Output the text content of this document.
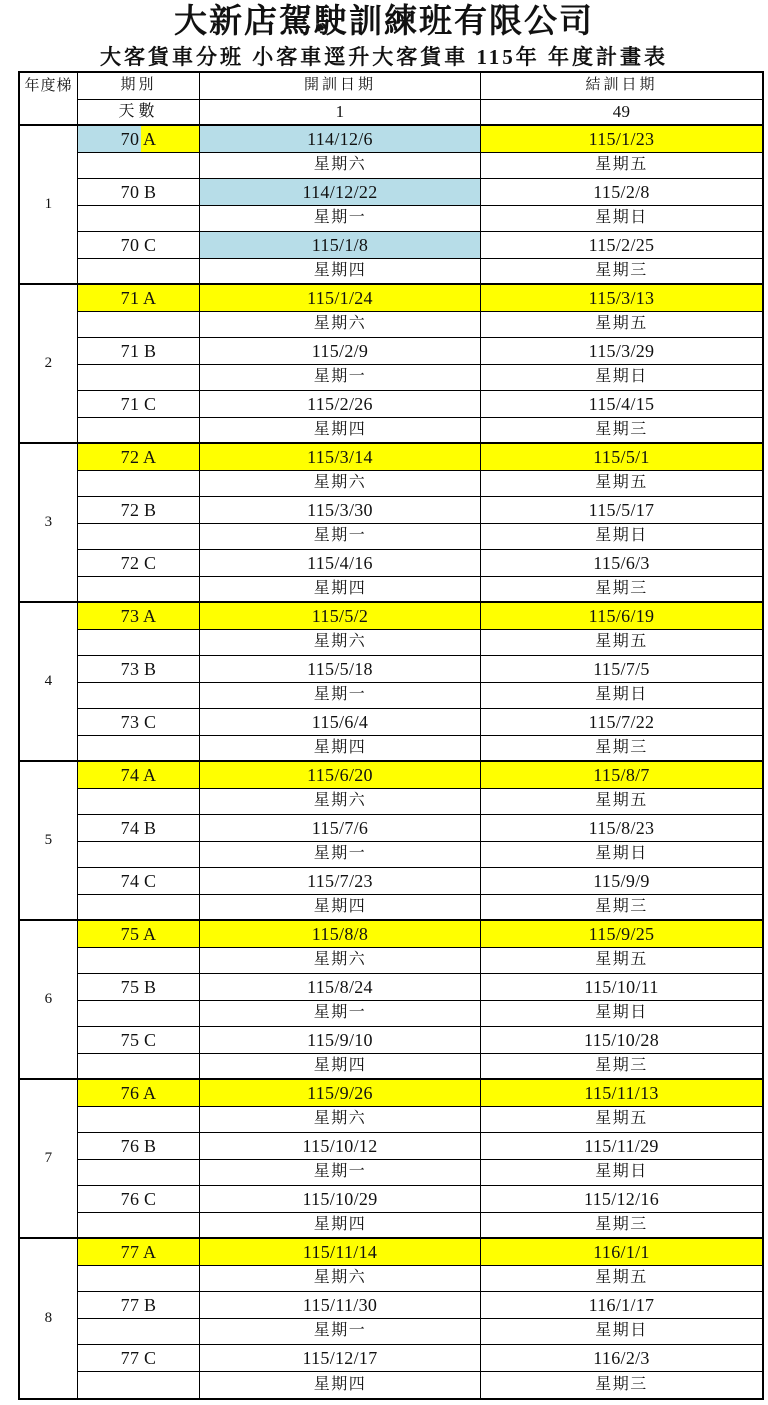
大新店駕駛訓練班有限公司
大客貨車分班 小客車逕升大客貨車 115年 年度計畫表
年度梯	期別	開訓日期	結訓日期
天數	1	49
1
70 A	114/12/6	115/1/23
星期六	星期五
70 B	114/12/22	115/2/8
星期一	星期日
70 C	115/1/8	115/2/25
星期四	星期三
2
71 A	115/1/24	115/3/13
星期六	星期五
71 B	115/2/9	115/3/29
星期一	星期日
71 C	115/2/26	115/4/15
星期四	星期三
3
72 A	115/3/14	115/5/1
星期六	星期五
72 B	115/3/30	115/5/17
星期一	星期日
72 C	115/4/16	115/6/3
星期四	星期三
4
73 A	115/5/2	115/6/19
星期六	星期五
73 B	115/5/18	115/7/5
星期一	星期日
73 C	115/6/4	115/7/22
星期四	星期三
5
74 A	115/6/20	115/8/7
星期六	星期五
74 B	115/7/6	115/8/23
星期一	星期日
74 C	115/7/23	115/9/9
星期四	星期三
6
75 A	115/8/8	115/9/25
星期六	星期五
75 B	115/8/24	115/10/11
星期一	星期日
75 C	115/9/10	115/10/28
星期四	星期三
7
76 A	115/9/26	115/11/13
星期六	星期五
76 B	115/10/12	115/11/29
星期一	星期日
76 C	115/10/29	115/12/16
星期四	星期三
8
77 A	115/11/14	116/1/1
星期六	星期五
77 B	115/11/30	116/1/17
星期一	星期日
77 C	115/12/17	116/2/3
星期四	星期三
